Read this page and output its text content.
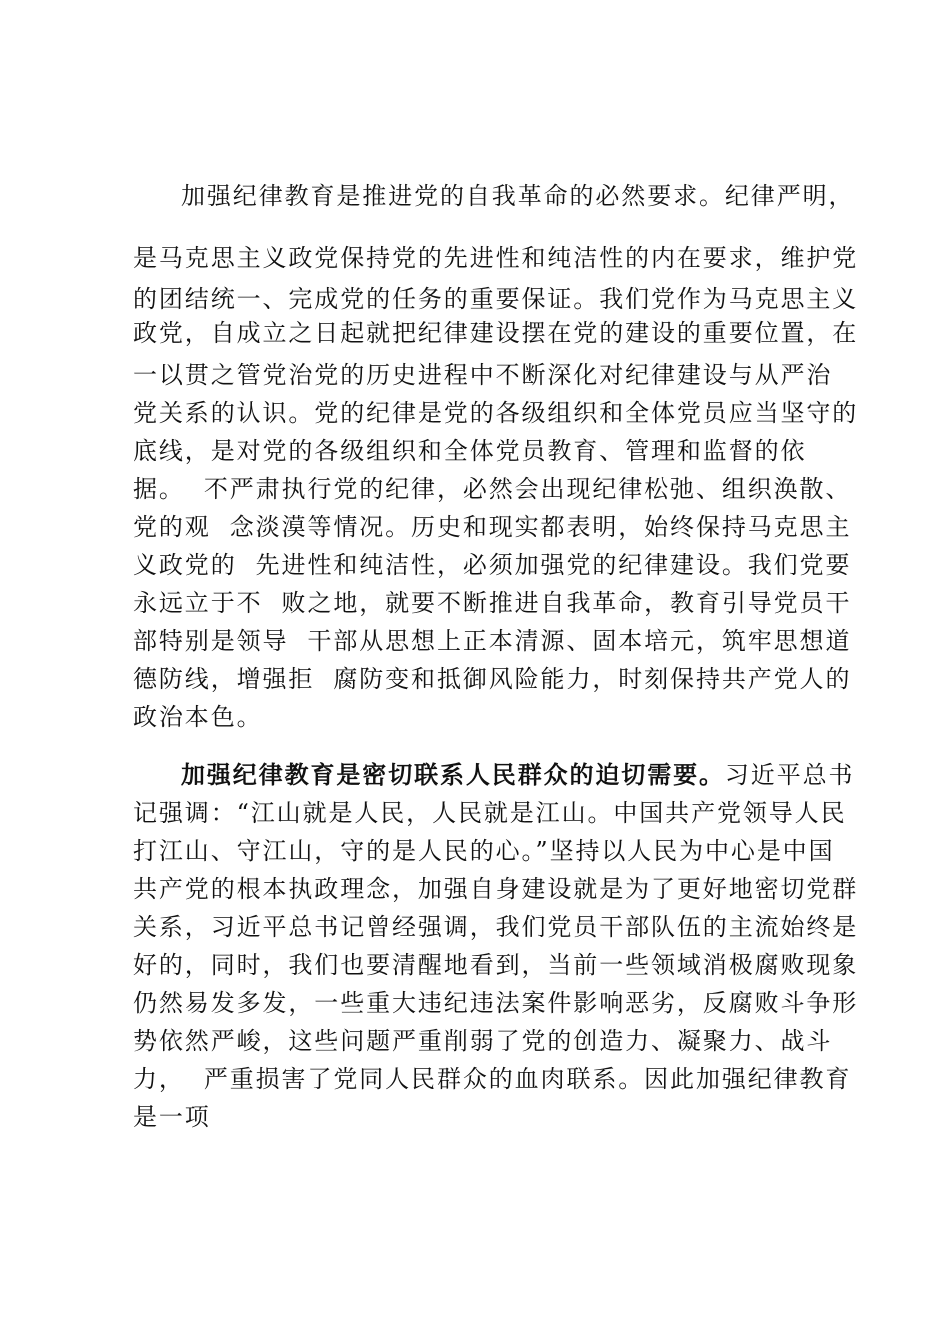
加强纪律教育是推进党的自我革命的必然要求。纪律严明，
是马克思主义政党保持党的先进性和纯洁性的内在要求，维护党
的团结统一、完成党的任务的重要保证。我们党作为马克思主义
政党，自成立之日起就把纪律建设摆在党的建设的重要位置，在
一以贯之管党治党的历史进程中不断深化对纪律建设与从严治
党关系的认识。党的纪律是党的各级组织和全体党员应当坚守的
底线，是对党的各级组织和全体党员教育、管理和监督的依
据。  不严肃执行党的纪律，必然会出现纪律松弛、组织涣散、
党的观  念淡漠等情况。历史和现实都表明，始终保持马克思主
义政党的  先进性和纯洁性，必须加强党的纪律建设。我们党要
永远立于不  败之地，就要不断推进自我革命，教育引导党员干
部特别是领导  干部从思想上正本清源、固本培元，筑牢思想道
德防线，增强拒  腐防变和抵御风险能力，时刻保持共产党人的
政治本色。
加强纪律教育是密切联系人民群众的迫切需要。习近平总书
记强调：“江山就是人民，人民就是江山。中国共产党领导人民
打江山、守江山，守的是人民的心。”坚持以人民为中心是中国
共产党的根本执政理念，加强自身建设就是为了更好地密切党群
关系，习近平总书记曾经强调，我们党员干部队伍的主流始终是
好的，同时，我们也要清醒地看到，当前一些领域消极腐败现象
仍然易发多发，一些重大违纪违法案件影响恶劣，反腐败斗争形
势依然严峻，这些问题严重削弱了党的创造力、凝聚力、战斗
力，  严重损害了党同人民群众的血肉联系。因此加强纪律教育
是一项
